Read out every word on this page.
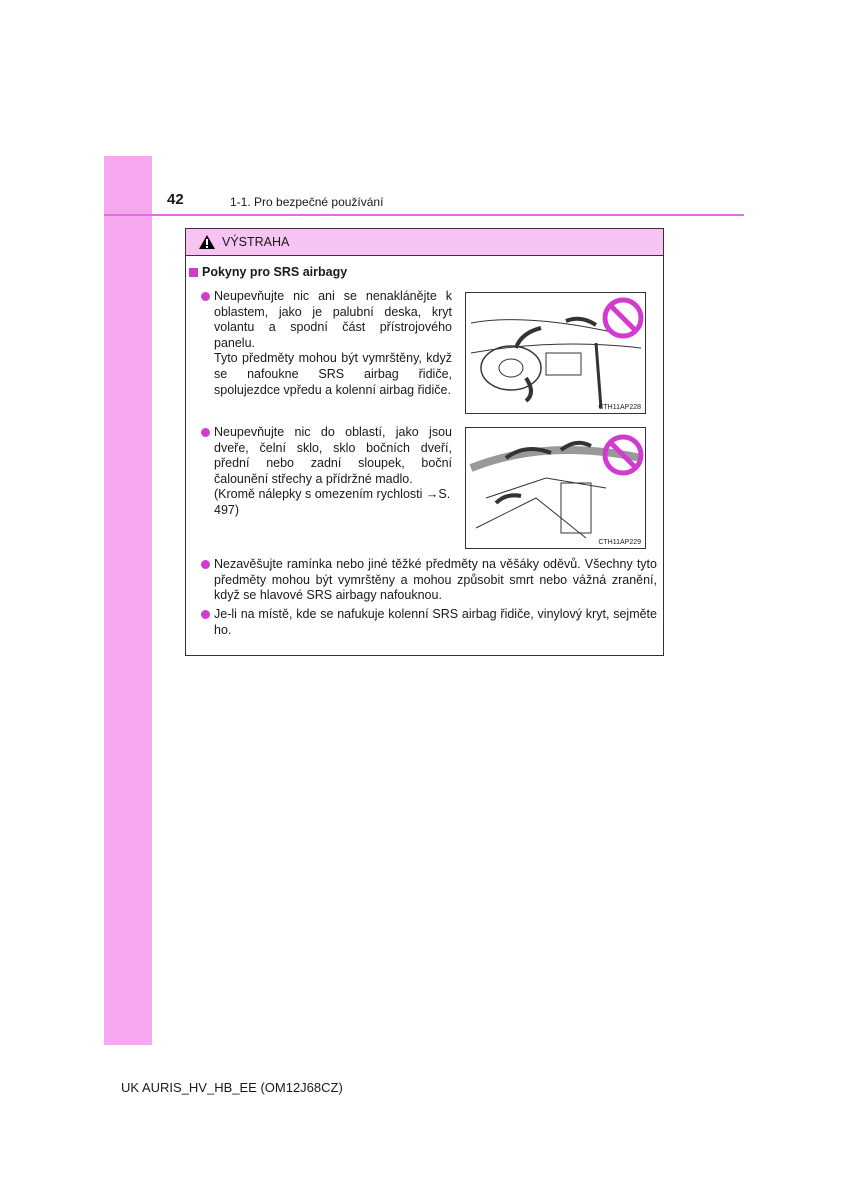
42	1-1. Pro bezpečné používání
VÝSTRAHA
Pokyny pro SRS airbagy

Neupevňujte nic ani se nenaklánějte k oblastem, jako je palubní deska, kryt volantu a spodní část přístrojového panelu.

Tyto předměty mohou být vymrštěny, když se nafoukne SRS airbag řidiče, spolujezdce vpředu a kolenní airbag řidiče.

CTH11AP228

Neupevňujte nic do oblastí, jako jsou dveře, čelní sklo, sklo bočních dveří, přední nebo zadní sloupek, boční čalounění střechy a přídržné madlo.

(Kromě nálepky s omezením rychlosti →S. 497)

CTH11AP229

Nezavěšujte ramínka nebo jiné těžké předměty na věšáky oděvů. Všechny tyto předměty mohou být vymrštěny a mohou způsobit smrt nebo vážná zranění, když se hlavové SRS airbagy nafouknou.

Je-li na místě, kde se nafukuje kolenní SRS airbag řidiče, vinylový kryt, sejměte ho.

UK AURIS_HV_HB_EE (OM12J68CZ)
